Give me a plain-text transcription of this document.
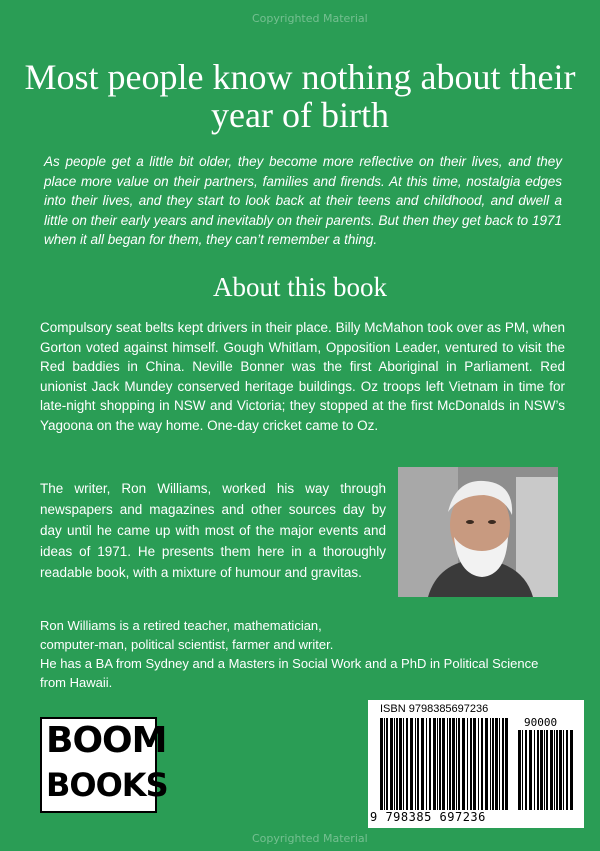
Copyrighted Material
Most people know nothing about their year of birth
As people get a little bit older, they become more reflective on their lives, and they place more value on their partners, families and firends. At this time, nostalgia edges into their lives, and they start to look back at their teens and childhood, and dwell a little on their early years and inevitably on their parents. But then they get back to 1971 when it all began for them, they can’t remember a thing.
About this book
Compulsory seat belts kept drivers in their place. Billy McMahon took over as PM, when Gorton voted against himself. Gough Whitlam, Opposition Leader, ventured to visit the Red baddies in China. Neville Bonner was the first Aboriginal in Parliament. Red unionist Jack Mundey conserved heritage buildings. Oz troops left Vietnam in time for late-night shopping in NSW and Victoria; they stopped at the first McDonalds in NSW’s Yagoona on the way home. One-day cricket came to Oz.
The writer, Ron Williams, worked his way through newspapers and magazines and other sources day by day until he came up with most of the major events and ideas of 1971. He presents them here in a thoroughly readable book, with a mixture of humour and gravitas.
Ron Williams is a retired teacher, mathematician,
computer-man, political scientist, farmer and writer.
He has a BA from Sydney and a Masters in Social Work and a PhD in Political Science from Hawaii.
BOOM
BOOKS
ISBN 9798385697236
90000
9 798385 697236
Copyrighted Material
